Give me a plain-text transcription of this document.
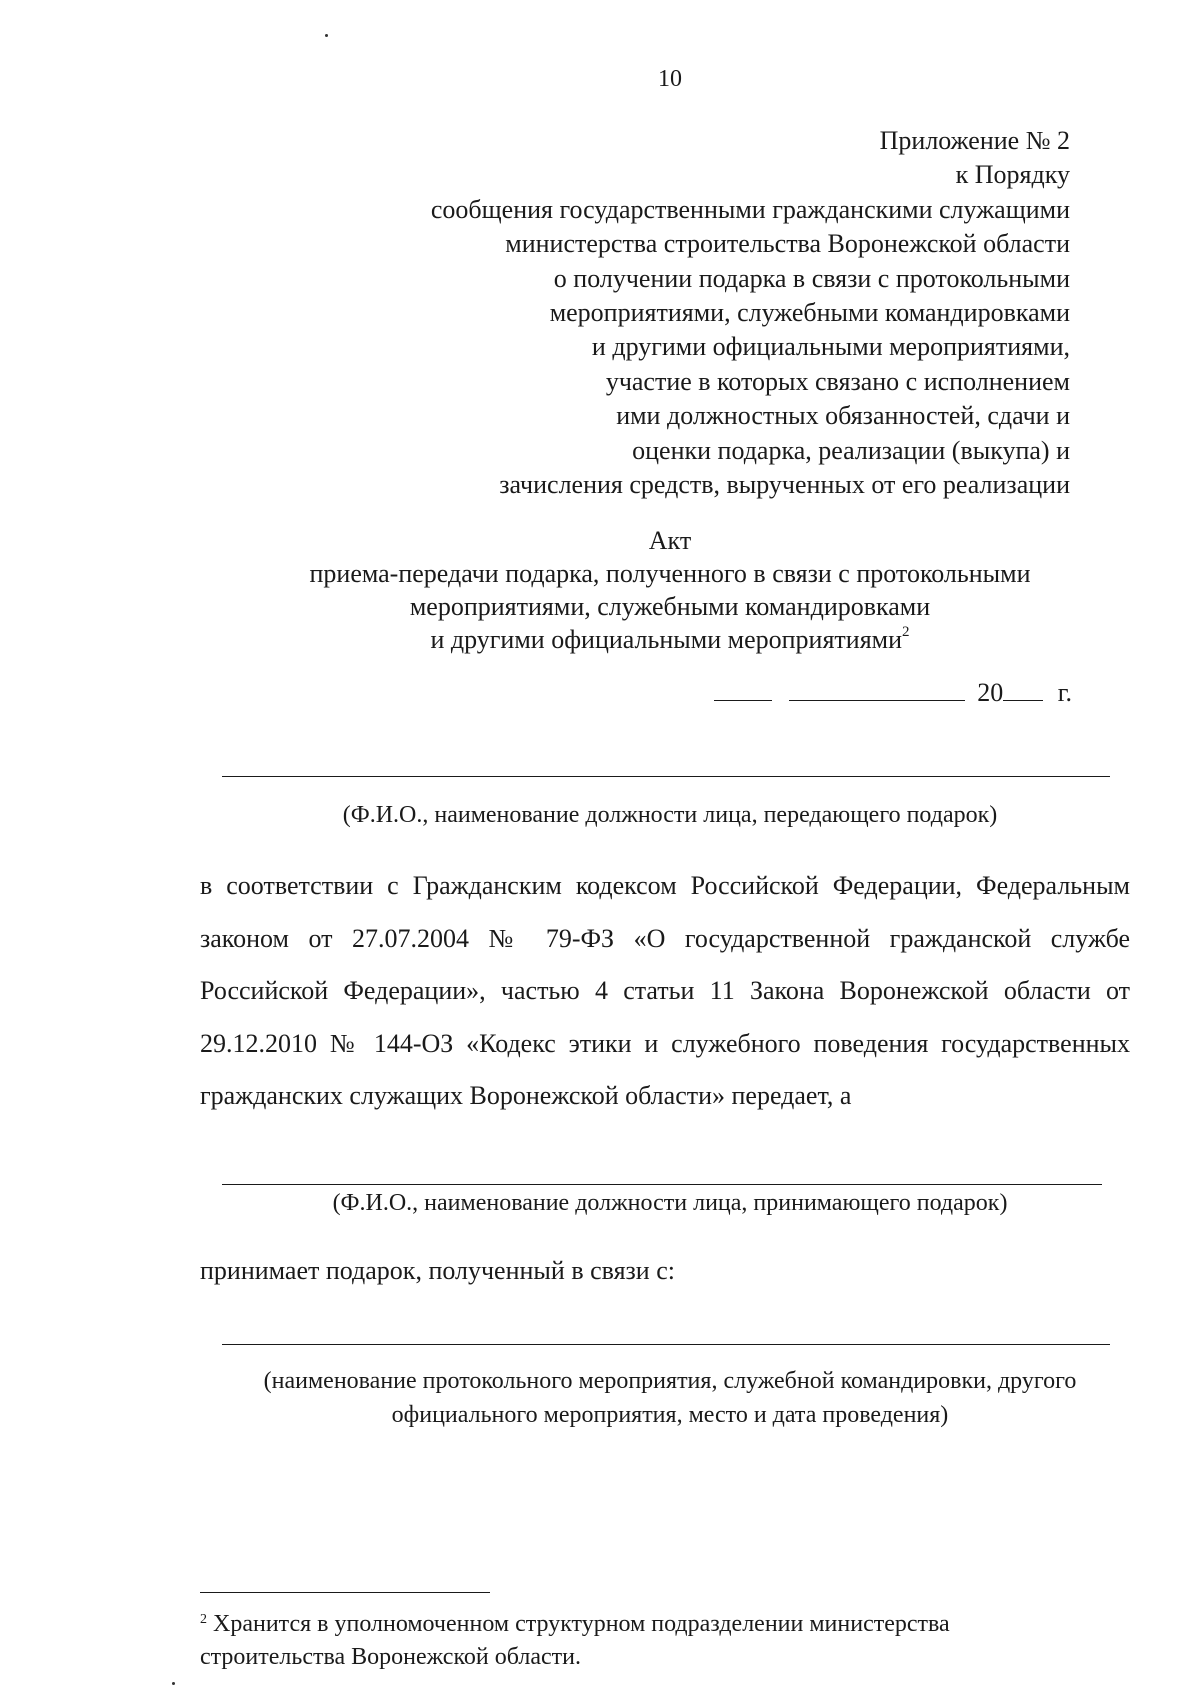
10
Приложение № 2
к Порядку
сообщения государственными гражданскими служащими
министерства строительства Воронежской области
о получении подарка в связи с протокольными
мероприятиями, служебными командировками
и другими официальными мероприятиями,
участие в которых связано с исполнением
ими должностных обязанностей, сдачи и
оценки подарка, реализации (выкупа) и
зачисления средств, вырученных от его реализации
Акт
приема-передачи подарка, полученного в связи с протокольными
мероприятиями, служебными командировками
и другими официальными мероприятиями$^2$
20 г.
(Ф.И.О., наименование должности лица, передающего подарок)
в соответствии с Гражданским кодексом Российской Федерации, Федеральным законом от 27.07.2004 № 79-ФЗ «О государственной гражданской службе Российской Федерации», частью 4 статьи 11 Закона Воронежской области от 29.12.2010 № 144-ОЗ «Кодекс этики и служебного поведения государственных гражданских служащих Воронежской области» передает, а
(Ф.И.О., наименование должности лица, принимающего подарок)
принимает подарок, полученный в связи с:
(наименование протокольного мероприятия, служебной командировки, другого
официального мероприятия, место и дата проведения)
$^2$ Хранится в уполномоченном структурном подразделении министерства строительства Воронежской области.
